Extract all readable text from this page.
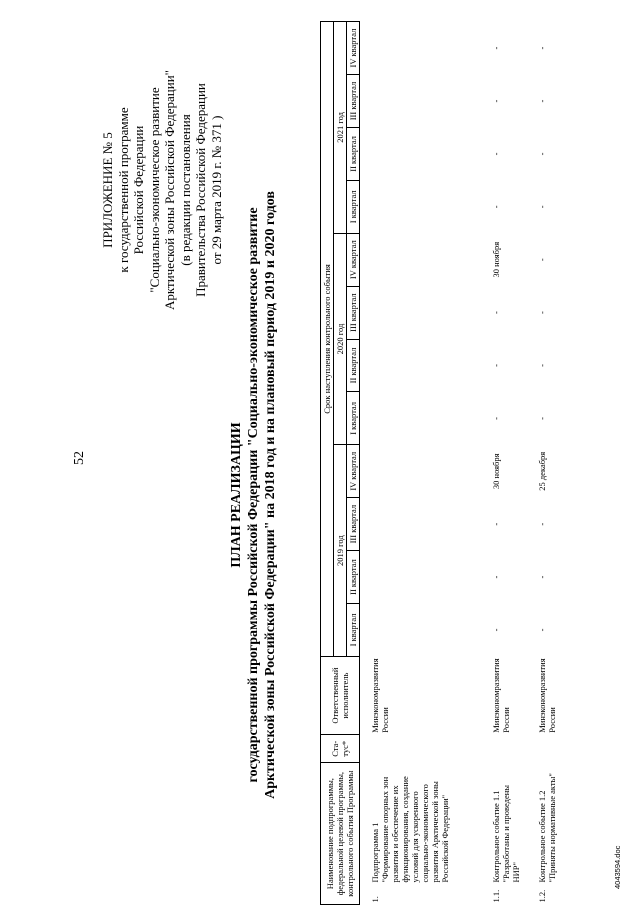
52
ПРИЛОЖЕНИЕ № 5 к государственной программе Российской Федерации "Социально-экономическое развитие Арктической зоны Российской Федерации" (в редакции постановления Правительства Российской Федерации от 29 марта 2019 г. № 371 )
ПЛАН РЕАЛИЗАЦИИ государственной программы Российской Федерации "Социально-экономическое развитие Арктической зоны Российской Федерации" на 2018 год и на плановый период 2019 и 2020 годов
Наименование подпрограммы, федеральной целевой программы, контрольного события Программы		Ста-тус*	Ответственный исполнитель	Срок наступления контрольного события											
				2019 год				2020 год				2021 год			
				I квартал	II квартал	III квартал	IV квартал	I квартал	II квартал	III квартал	IV квартал	I квартал	II квартал	III квартал	IV квартал
1.	Подпрограмма 1 "Формирование опорных зон развития и обеспечение их функционирования, создание условий для ускоренного социально-экономического развития Арктической зоны Российской Федерации"		Минэкономразвития России												
1.1.	Контрольное событие 1.1 "Разработаны и проведены НИР"		Минэкономразвития России	-	-	-	30 ноября	-	-	-	30 ноября	-	-	-	-
1.2.	Контрольное событие 1.2 "Приняты нормативные акты"		Минэкономразвития России	-	-	-	25 декабря	-	-	-	-	-	-	-	-
4043594.doc
